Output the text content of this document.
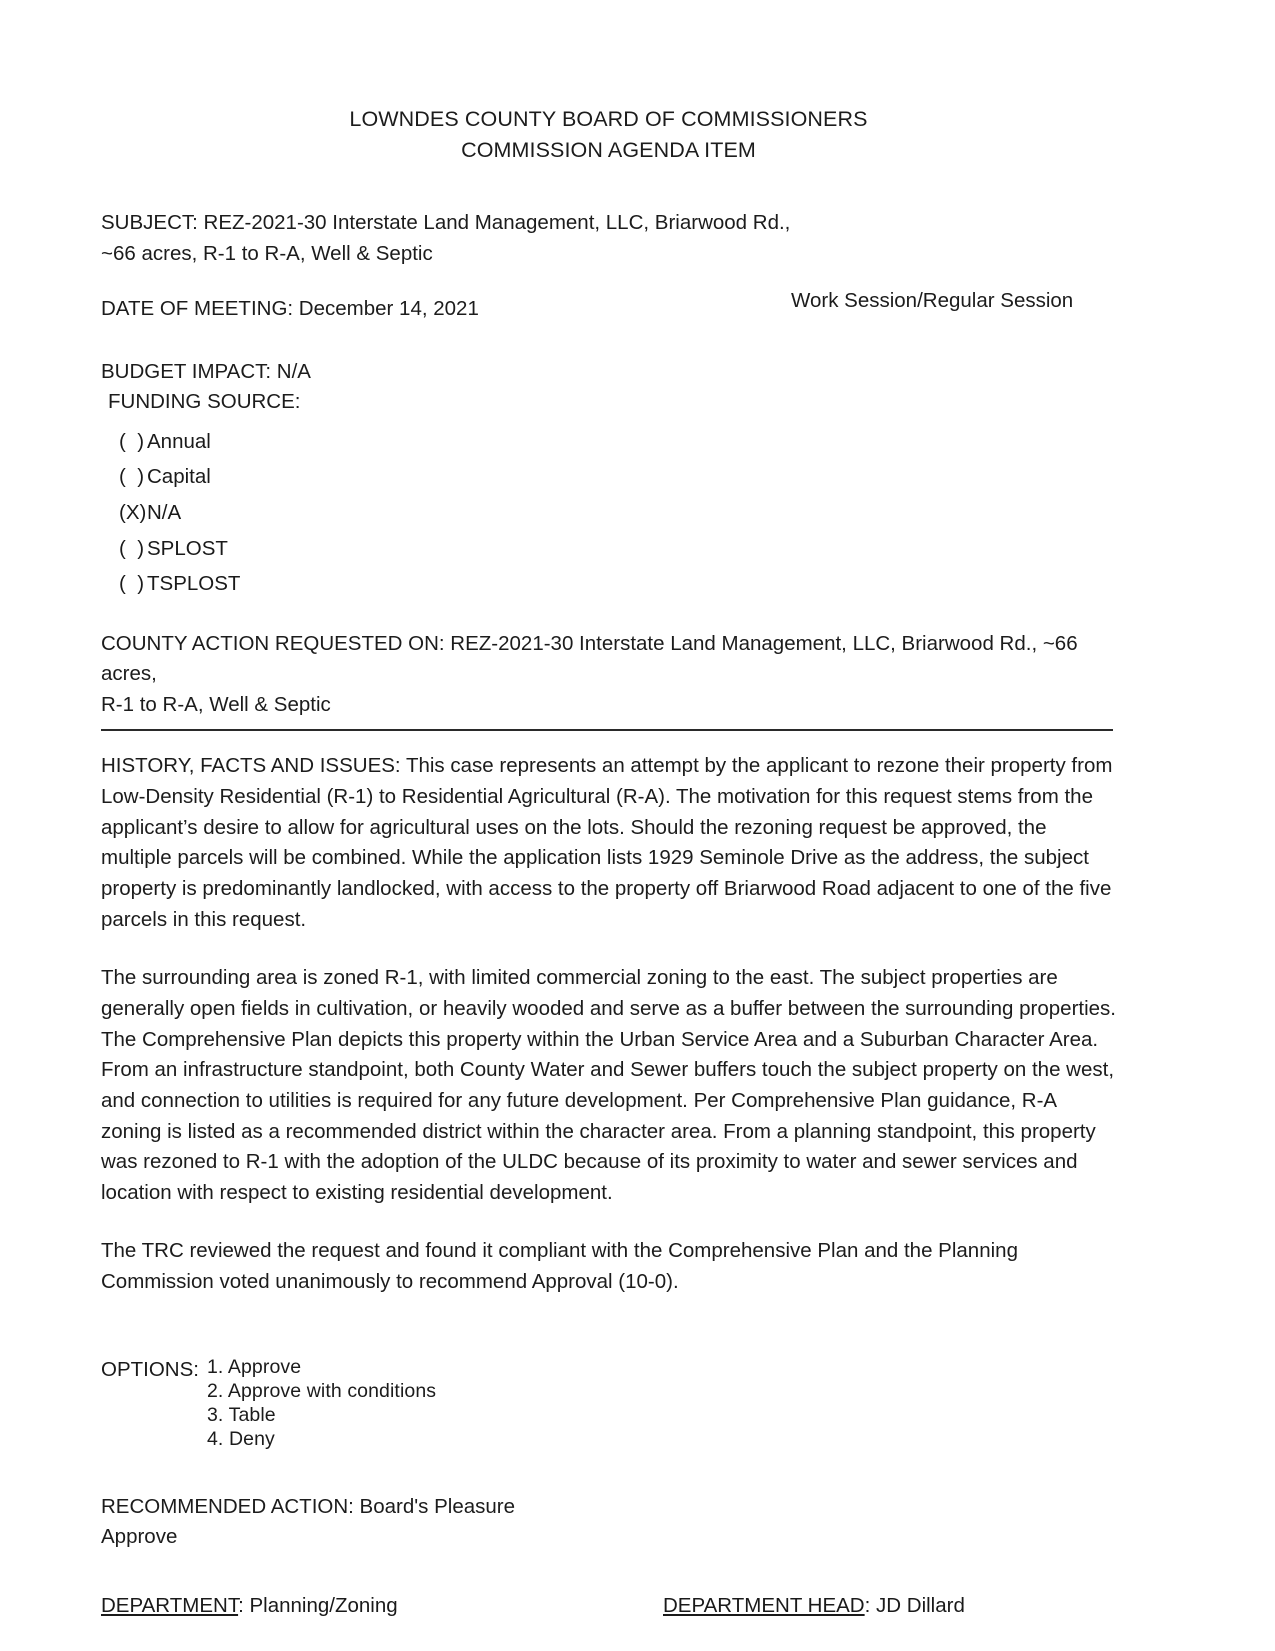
LOWNDES COUNTY BOARD OF COMMISSIONERS
COMMISSION AGENDA ITEM
SUBJECT: REZ-2021-30 Interstate Land Management, LLC, Briarwood Rd.,
~66 acres, R-1 to R-A, Well & Septic
DATE OF MEETING: December 14, 2021	Work Session/Regular Session
BUDGET IMPACT: N/A
FUNDING SOURCE:
(  ) Annual
(  ) Capital
(X) N/A
(  ) SPLOST
(  ) TSPLOST
COUNTY ACTION REQUESTED ON: REZ-2021-30 Interstate Land Management, LLC, Briarwood Rd., ~66 acres,
R-1 to R-A, Well & Septic

HISTORY, FACTS AND ISSUES: This case represents an attempt by the applicant to rezone their property from Low-Density Residential (R-1) to Residential Agricultural (R-A). The motivation for this request stems from the applicant’s desire to allow for agricultural uses on the lots. Should the rezoning request be approved, the multiple parcels will be combined. While the application lists 1929 Seminole Drive as the address, the subject property is predominantly landlocked, with access to the property off Briarwood Road adjacent to one of the five parcels in this request.

The surrounding area is zoned R-1, with limited commercial zoning to the east. The subject properties are generally open fields in cultivation, or heavily wooded and serve as a buffer between the surrounding properties. The Comprehensive Plan depicts this property within the Urban Service Area and a Suburban Character Area. From an infrastructure standpoint, both County Water and Sewer buffers touch the subject property on the west, and connection to utilities is required for any future development. Per Comprehensive Plan guidance, R-A zoning is listed as a recommended district within the character area. From a planning standpoint, this property was rezoned to R-1 with the adoption of the ULDC because of its proximity to water and sewer services and location with respect to existing residential development.

The TRC reviewed the request and found it compliant with the Comprehensive Plan and the Planning Commission voted unanimously to recommend Approval (10-0).

OPTIONS: 1. Approve
2. Approve with conditions
3. Table
4. Deny
RECOMMENDED ACTION: Board's Pleasure
Approve
DEPARTMENT: Planning/Zoning	DEPARTMENT HEAD: JD Dillard
